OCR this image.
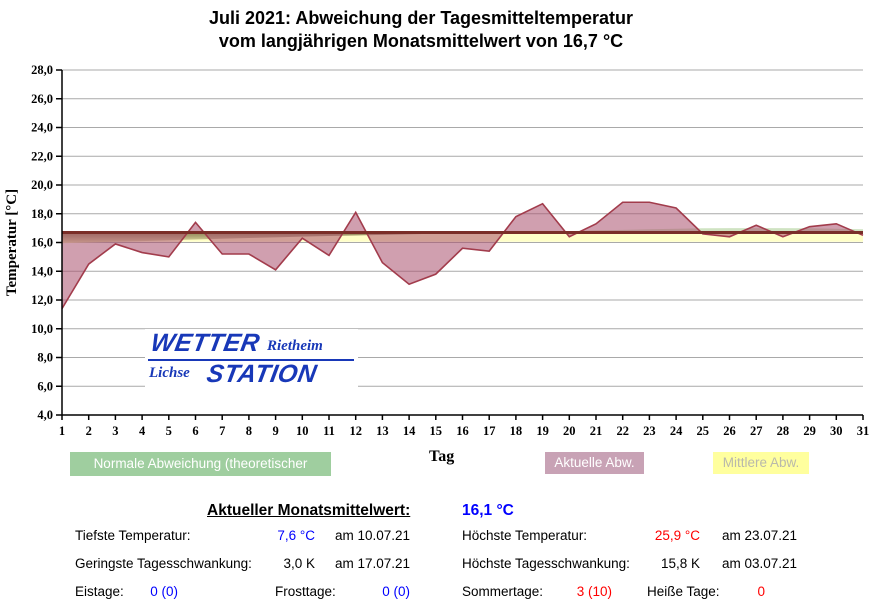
Juli 2021: Abweichung der Tagesmitteltemperatur
vom langjährigen Monatsmittelwert von 16,7 °C
4,0
6,0
8,0
10,0
12,0
14,0
16,0
18,0
20,0
22,0
24,0
26,0
28,0
1 2 3 4 5 6 7 8 9 10 11 12 13 14 15 16 17 18 19 20 21 22 23 24 25 26 27 28 29 30 31
Temperatur [°C]
WETTER Rietheim
Lichse STATION
Normale Abweichung (theoretischer Verlauf)
Tag	Aktuelle Abw.	Mittlere Abw.
Aktueller Monatsmittelwert:	16,1 °C
Tiefste Temperatur:	7,6 °C am 10.07.21	Höchste Temperatur:	25,9 °C am 23.07.21
Geringste Tagesschwankung:	3,0 K am 17.07.21	Höchste Tagesschwankung:	15,8 K am 03.07.21
Eistage:	0 (0)	Frosttage:	0 (0)	Sommertage:	3 (10)	Heiße Tage:	0
